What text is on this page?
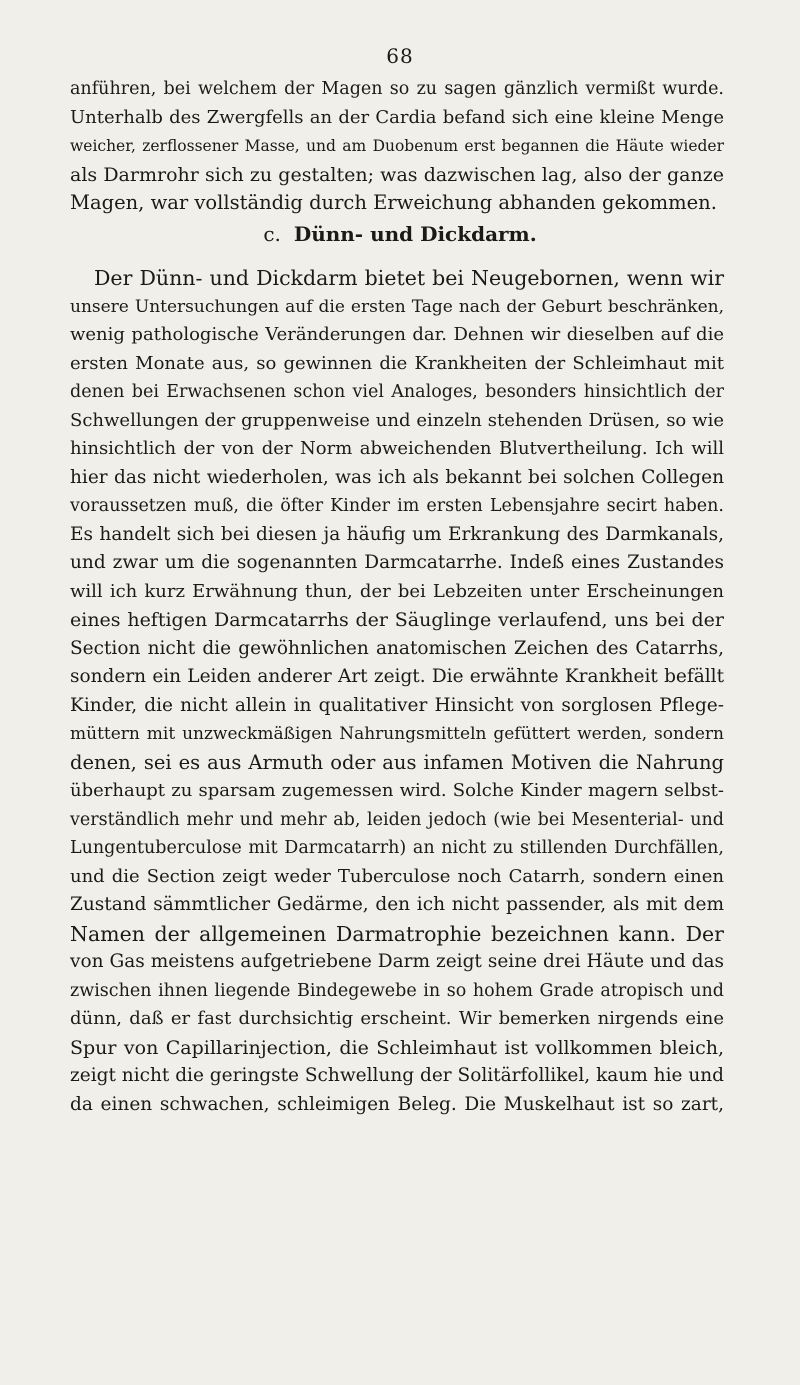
68
anführen, bei welchem der Magen so zu sagen gänzlich vermißt wurde.
Unterhalb des Zwergfells an der Cardia befand sich eine kleine Menge
weicher, zerflossener Masse, und am Duobenum erst begannen die Häute wieder
als Darmrohr sich zu gestalten; was dazwischen lag, also der ganze
Magen, war vollständig durch Erweichung abhanden gekommen.
c. Dünn- und Dickdarm.
Der Dünn- und Dickdarm bietet bei Neugebornen, wenn wir
unsere Untersuchungen auf die ersten Tage nach der Geburt beschränken,
wenig pathologische Veränderungen dar. Dehnen wir dieselben auf die
ersten Monate aus, so gewinnen die Krankheiten der Schleimhaut mit
denen bei Erwachsenen schon viel Analoges, besonders hinsichtlich der
Schwellungen der gruppenweise und einzeln stehenden Drüsen, so wie
hinsichtlich der von der Norm abweichenden Blutvertheilung. Ich will
hier das nicht wiederholen, was ich als bekannt bei solchen Collegen
voraussetzen muß, die öfter Kinder im ersten Lebensjahre secirt haben.
Es handelt sich bei diesen ja häufig um Erkrankung des Darmkanals,
und zwar um die sogenannten Darmcatarrhe. Indeß eines Zustandes
will ich kurz Erwähnung thun, der bei Lebzeiten unter Erscheinungen
eines heftigen Darmcatarrhs der Säuglinge verlaufend, uns bei der
Section nicht die gewöhnlichen anatomischen Zeichen des Catarrhs,
sondern ein Leiden anderer Art zeigt. Die erwähnte Krankheit befällt
Kinder, die nicht allein in qualitativer Hinsicht von sorglosen Pflege-
müttern mit unzweckmäßigen Nahrungsmitteln gefüttert werden, sondern
denen, sei es aus Armuth oder aus infamen Motiven die Nahrung
überhaupt zu sparsam zugemessen wird. Solche Kinder magern selbst-
verständlich mehr und mehr ab, leiden jedoch (wie bei Mesenterial- und
Lungentuberculose mit Darmcatarrh) an nicht zu stillenden Durchfällen,
und die Section zeigt weder Tuberculose noch Catarrh, sondern einen
Zustand sämmtlicher Gedärme, den ich nicht passender, als mit dem
Namen der allgemeinen Darmatrophie bezeichnen kann. Der
von Gas meistens aufgetriebene Darm zeigt seine drei Häute und das
zwischen ihnen liegende Bindegewebe in so hohem Grade atropisch und
dünn, daß er fast durchsichtig erscheint. Wir bemerken nirgends eine
Spur von Capillarinjection, die Schleimhaut ist vollkommen bleich,
zeigt nicht die geringste Schwellung der Solitärfollikel, kaum hie und
da einen schwachen, schleimigen Beleg. Die Muskelhaut ist so zart,
